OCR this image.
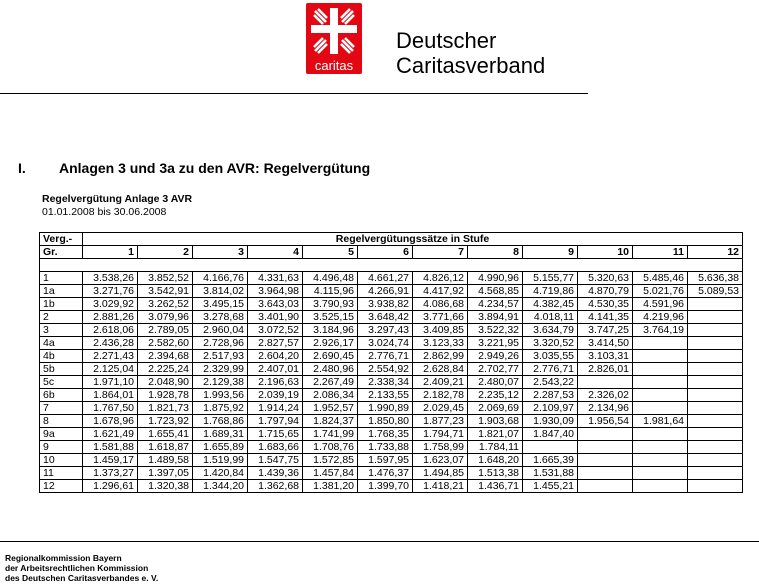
caritas
Deutscher
Caritasverband
I. Anlagen 3 und 3a zu den AVR: Regelvergütung
Regelvergütung Anlage 3 AVR
01.01.2008 bis 30.06.2008
Verg.-	Regelvergütungssätze in Stufe											
Gr.	1	2	3	4	5	6	7	8	9	10	11	12

1	3.538,26	3.852,52	4.166,76	4.331,63	4.496,48	4.661,27	4.826,12	4.990,96	5.155,77	5.320,63	5.485,46	5.636,38
1a	3.271,76	3.542,91	3.814,02	3.964,98	4.115,96	4.266,91	4.417,92	4.568,85	4.719,86	4.870,79	5.021,76	5.089,53
1b	3.029,92	3.262,52	3.495,15	3.643,03	3.790,93	3.938,82	4.086,68	4.234,57	4.382,45	4.530,35	4.591,96	
2	2.881,26	3.079,96	3.278,68	3.401,90	3.525,15	3.648,42	3.771,66	3.894,91	4.018,11	4.141,35	4.219,96	
3	2.618,06	2.789,05	2.960,04	3.072,52	3.184,96	3.297,43	3.409,85	3.522,32	3.634,79	3.747,25	3.764,19	
4a	2.436,28	2.582,60	2.728,96	2.827,57	2.926,17	3.024,74	3.123,33	3.221,95	3.320,52	3.414,50		
4b	2.271,43	2.394,68	2.517,93	2.604,20	2.690,45	2.776,71	2.862,99	2.949,26	3.035,55	3.103,31		
5b	2.125,04	2.225,24	2.329,99	2.407,01	2.480,96	2.554,92	2.628,84	2.702,77	2.776,71	2.826,01		
5c	1.971,10	2.048,90	2.129,38	2.196,63	2.267,49	2.338,34	2.409,21	2.480,07	2.543,22			
6b	1.864,01	1.928,78	1.993,56	2.039,19	2.086,34	2.133,55	2.182,78	2.235,12	2.287,53	2.326,02		
7	1.767,50	1.821,73	1.875,92	1.914,24	1.952,57	1.990,89	2.029,45	2.069,69	2.109,97	2.134,96		
8	1.678,96	1.723,92	1.768,86	1.797,94	1.824,37	1.850,80	1.877,23	1.903,68	1.930,09	1.956,54	1.981,64	
9a	1.621,49	1.655,41	1.689,31	1.715,65	1.741,99	1.768,35	1.794,71	1.821,07	1.847,40			
9	1.581,88	1.618,87	1.655,89	1.683,66	1.708,76	1.733,88	1.758,99	1.784,11				
10	1.459,17	1.489,58	1.519,99	1.547,75	1.572,85	1.597,95	1.623,07	1.648,20	1.665,39			
11	1.373,27	1.397,05	1.420,84	1.439,36	1.457,84	1.476,37	1.494,85	1.513,38	1.531,88			
12	1.296,61	1.320,38	1.344,20	1.362,68	1.381,20	1.399,70	1.418,21	1.436,71	1.455,21			
Regionalkommission Bayern
der Arbeitsrechtlichen Kommission
des Deutschen Caritasverbandes e. V.
